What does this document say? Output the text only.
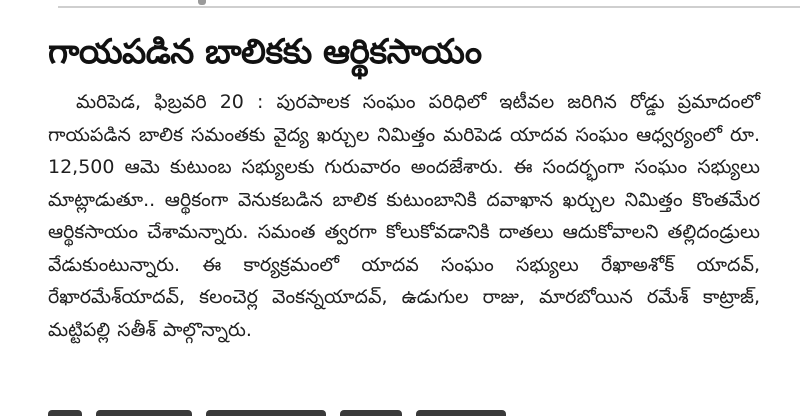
గాయపడిన బాలికకు ఆర్థికసాయం

మరిపెడ, ఫిబ్రవరి 20 : పురపాలక సంఘం పరిధిలో ఇటీవల జరిగిన రోడ్డు ప్రమాదంలో గాయపడిన బాలిక సమంతకు వైద్య ఖర్చుల నిమిత్తం మరిపెడ యాదవ సంఘం ఆధ్వర్యంలో రూ. 12,500 ఆమె కుటుంబ సభ్యులకు గురువారం అందజేశారు. ఈ సందర్భంగా సంఘం సభ్యులు మాట్లాడుతూ.. ఆర్థికంగా వెనుకబడిన బాలిక కుటుంబానికి దవాఖాన ఖర్చుల నిమిత్తం కొంతమేర ఆర్థికసాయం చేశామన్నారు. సమంత త్వరగా కోలుకోవడానికి దాతలు ఆదుకోవాలని తల్లిదండ్రులు వేడుకుంటున్నారు. ఈ కార్యక్రమంలో యాదవ సంఘం సభ్యులు రేఖాఅశోక్ యాదవ్, రేఖారమేశ్‌యాదవ్, కలంచెర్ల వెంకన్నయాదవ్, ఉడుగుల రాజు, మారబోయిన రమేశ్ కాట్రాజ్, మట్టిపల్లి సతీశ్ పాల్గొన్నారు.
